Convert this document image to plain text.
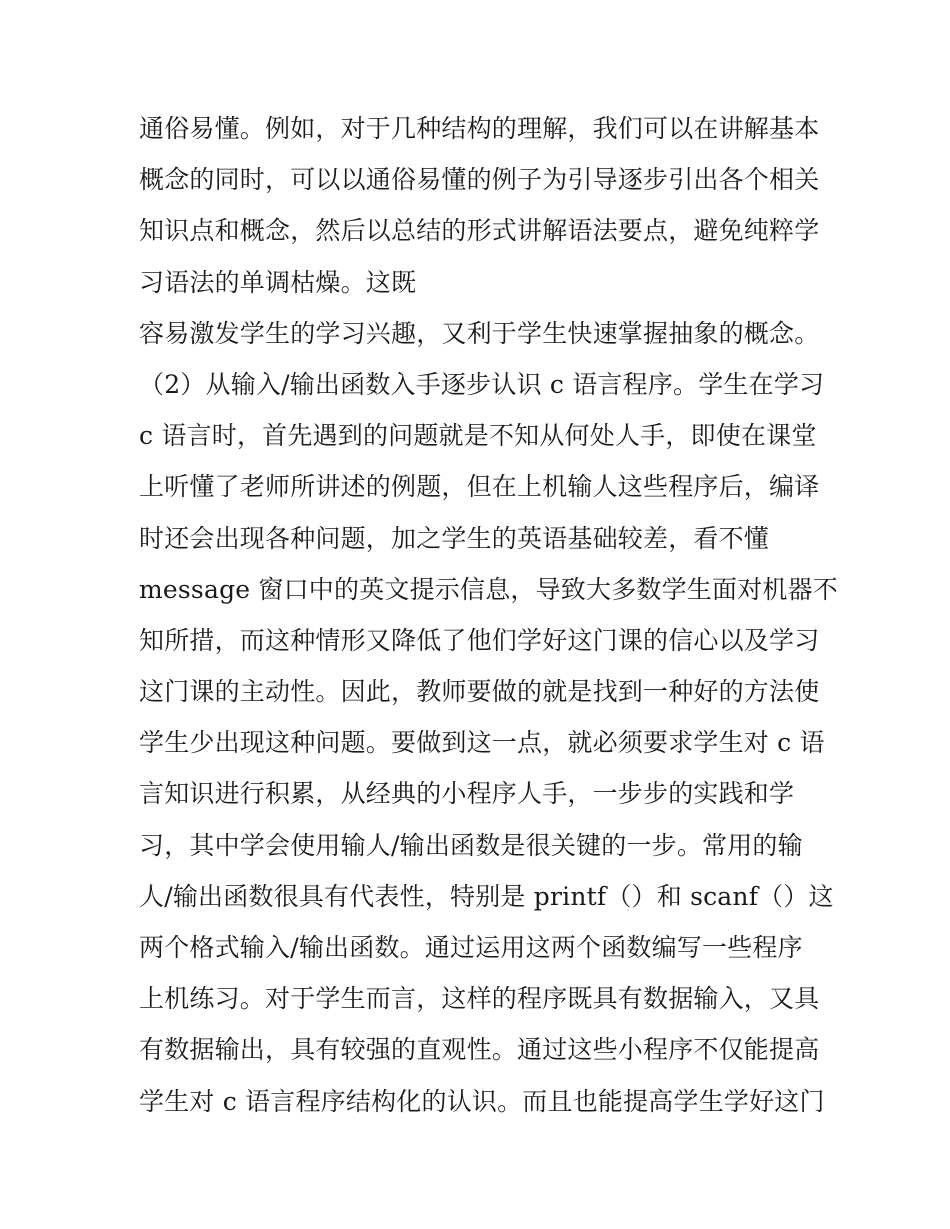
通俗易懂。例如，对于几种结构的理解，我们可以在讲解基本
概念的同时，可以以通俗易懂的例子为引导逐步引出各个相关
知识点和概念，然后以总结的形式讲解语法要点，避免纯粹学
习语法的单调枯燥。这既
容易激发学生的学习兴趣，又利于学生快速掌握抽象的概念。
（2）从输入/输出函数入手逐步认识 c 语言程序。学生在学习
c 语言时，首先遇到的问题就是不知从何处人手，即使在课堂
上听懂了老师所讲述的例题，但在上机输人这些程序后，编译
时还会出现各种问题，加之学生的英语基础较差，看不懂
message 窗口中的英文提示信息，导致大多数学生面对机器不
知所措，而这种情形又降低了他们学好这门课的信心以及学习
这门课的主动性。因此，教师要做的就是找到一种好的方法使
学生少出现这种问题。要做到这一点，就必须要求学生对 c 语
言知识进行积累，从经典的小程序人手，一步步的实践和学
习，其中学会使用输人/输出函数是很关键的一步。常用的输
人/输出函数很具有代表性，特别是 printf（）和 scanf（）这
两个格式输入/输出函数。通过运用这两个函数编写一些程序
上机练习。对于学生而言，这样的程序既具有数据输入，又具
有数据输出，具有较强的直观性。通过这些小程序不仅能提高
学生对 c 语言程序结构化的认识。而且也能提高学生学好这门
